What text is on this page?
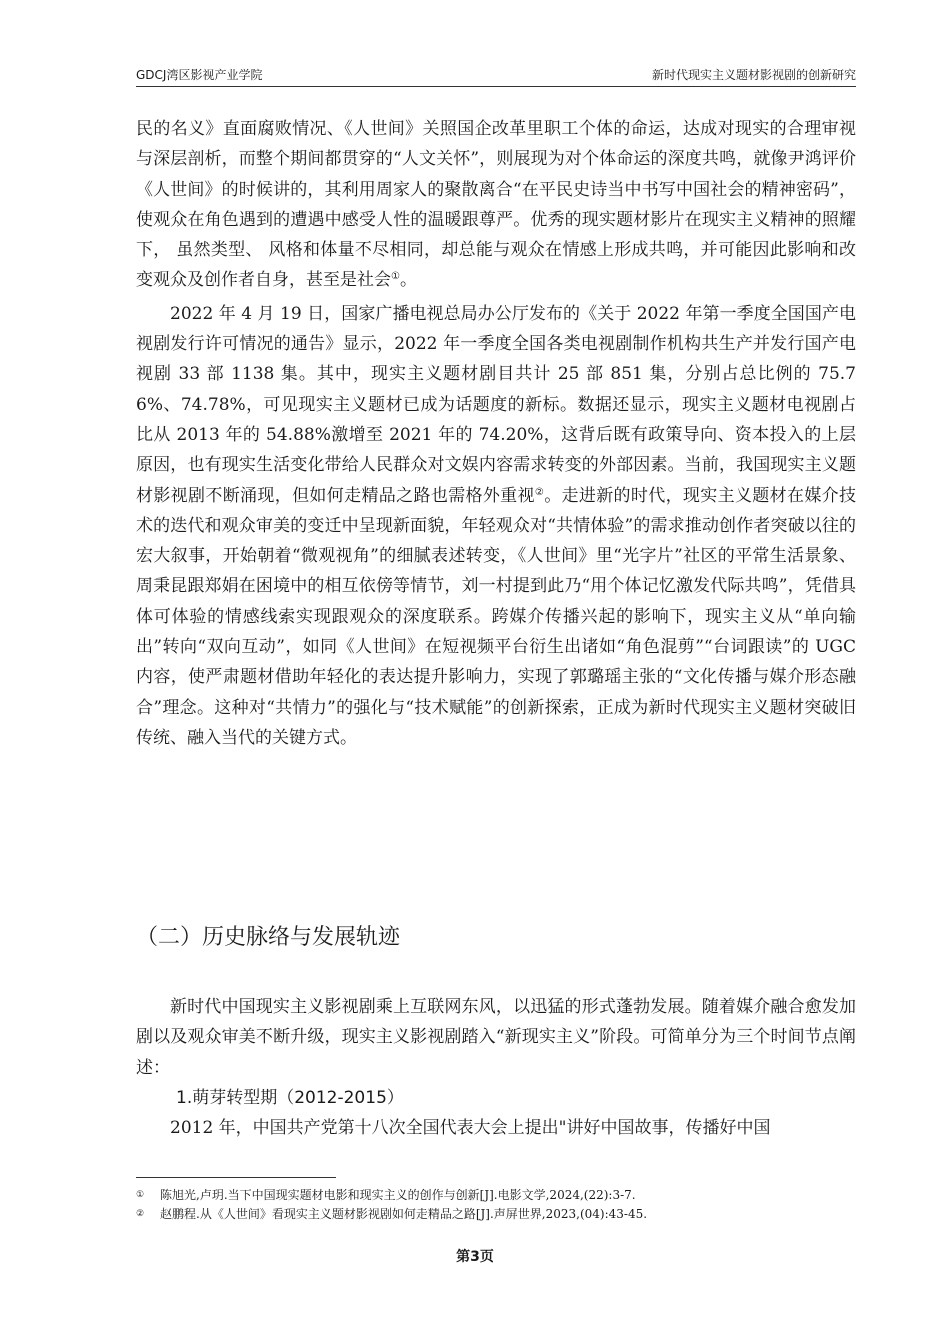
GDCJ湾区影视产业学院	新时代现实主义题材影视剧的创新研究

民的名义》直面腐败情况、《人世间》关照国企改革里职工个体的命运，达成对现实的合理审视与深层剖析，而整个期间都贯穿的“人文关怀”，则展现为对个体命运的深度共鸣，就像尹鸿评价《人世间》的时候讲的，其利用周家人的聚散离合“在平民史诗当中书写中国社会的精神密码”，使观众在角色遇到的遭遇中感受人性的温暖跟尊严。优秀的现实题材影片在现实主义精神的照耀下， 虽然类型、 风格和体量不尽相同，却总能与观众在情感上形成共鸣，并可能因此影响和改变观众及创作者自身，甚至是社会①。

2022 年 4 月 19 日，国家广播电视总局办公厅发布的《关于 2022 年第一季度全国国产电视剧发行许可情况的通告》显示，2022 年一季度全国各类电视剧制作机构共生产并发行国产电视剧 33 部 1138 集。其中，现实主义题材剧目共计 25 部 851 集，分别占总比例的 75.76%、74.78%，可见现实主义题材已成为话题度的新标。数据还显示，现实主义题材电视剧占比从 2013 年的 54.88%激增至 2021 年的 74.20%，这背后既有政策导向、资本投入的上层原因，也有现实生活变化带给人民群众对文娱内容需求转变的外部因素。当前，我国现实主义题材影视剧不断涌现，但如何走精品之路也需格外重视②。走进新的时代，现实主义题材在媒介技术的迭代和观众审美的变迁中呈现新面貌，年轻观众对“共情体验”的需求推动创作者突破以往的宏大叙事，开始朝着“微观视角”的细腻表述转变，《人世间》里“光字片”社区的平常生活景象、周秉昆跟郑娟在困境中的相互依傍等情节，刘一村提到此乃“用个体记忆激发代际共鸣”，凭借具体可体验的情感线索实现跟观众的深度联系。跨媒介传播兴起的影响下，现实主义从“单向输出”转向“双向互动”，如同《人世间》在短视频平台衍生出诸如“角色混剪”“台词跟读”的 UGC 内容，使严肃题材借助年轻化的表达提升影响力，实现了郭璐瑶主张的“文化传播与媒介形态融合”理念。这种对“共情力”的强化与“技术赋能”的创新探索，正成为新时代现实主义题材突破旧传统、融入当代的关键方式。

（二）历史脉络与发展轨迹

新时代中国现实主义影视剧乘上互联网东风，以迅猛的形式蓬勃发展。随着媒介融合愈发加剧以及观众审美不断升级，现实主义影视剧踏入“新现实主义”阶段。可简单分为三个时间节点阐述：

1.萌芽转型期（2012-2015）

2012 年，中国共产党第十八次全国代表大会上提出"讲好中国故事，传播好中国

① 陈旭光,卢玥.当下中国现实题材电影和现实主义的创作与创新[J].电影文学,2024,(22):3-7.
② 赵鹏程.从《人世间》看现实主义题材影视剧如何走精品之路[J].声屏世界,2023,(04):43-45.
第3页
